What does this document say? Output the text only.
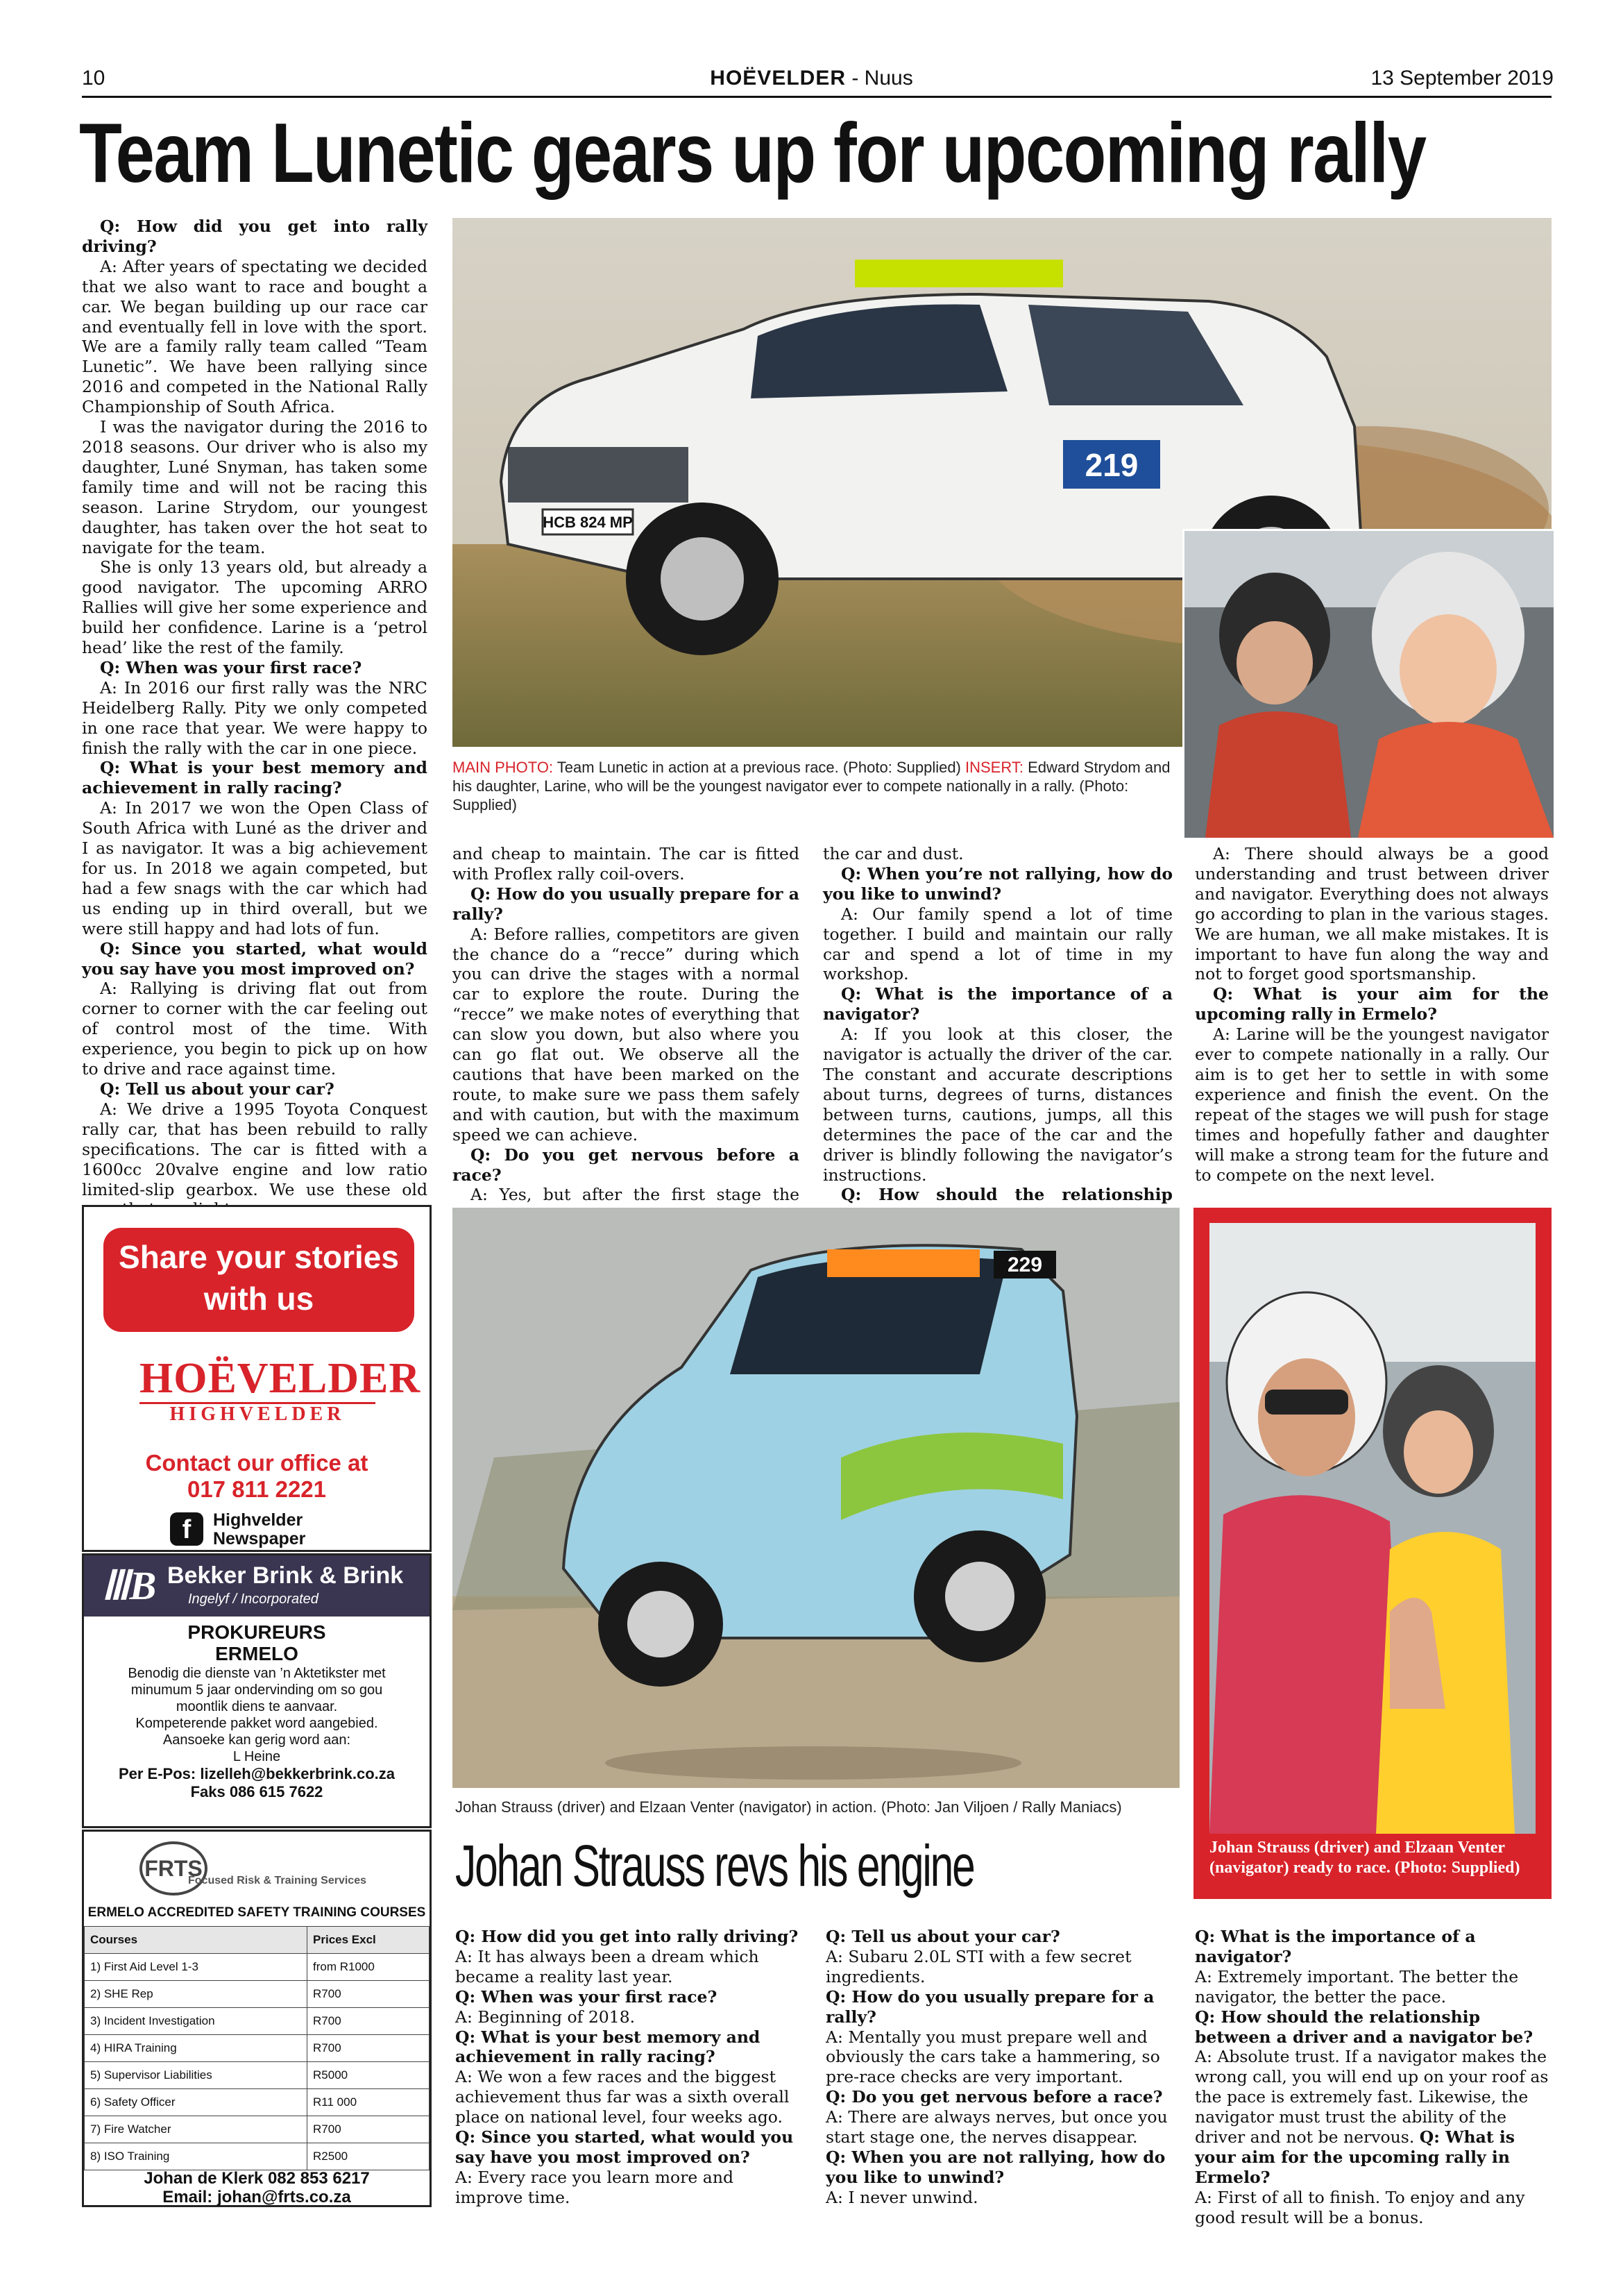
10	HOËVELDER - Nuus	13 September 2019
Team Lunetic gears up for upcoming rally

Q: How did you get into rally driving?

A: After years of spectating we decided that we also want to race and bought a car. We began building up our race car and eventually fell in love with the sport. We are a family rally team called “Team Lunetic”. We have been rallying since 2016 and competed in the National Rally Championship of South Africa.

I was the navigator during the 2016 to 2018 seasons. Our driver who is also my daughter, Luné Snyman, has taken some family time and will not be racing this season. Larine Strydom, our youngest daughter, has taken over the hot seat to navigate for the team.

She is only 13 years old, but already a good navigator. The upcoming ARRO Rallies will give her some experience and build her confidence. Larine is a ‘petrol head’ like the rest of the family.

Q: When was your first race?

A: In 2016 our first rally was the NRC Heidelberg Rally. Pity we only competed in one race that year. We were happy to finish the rally with the car in one piece.

Q: What is your best memory and achievement in rally racing?

A: In 2017 we won the Open Class of South Africa with Luné as the driver and I as navigator. It was a big achievement for us. In 2018 we again competed, but had a few snags with the car which had us ending up in third overall, but we were still happy and had lots of fun.

Q: Since you started, what would you say have you most improved on?

A: Rallying is driving flat out from corner to corner with the car feeling out of control most of the time. With experience, you begin to pick up on how to drive and race against time.

Q: Tell us about your car?

A: We drive a 1995 Toyota Conquest rally car, that has been rebuild to rally specifications. The car is fitted with a 1600cc 20valve engine and low ratio limited-slip gearbox. We use these old

HCB 824 MP
219
MAIN PHOTO: Team Lunetic in action at a previous race. (Photo: Supplied) INSERT: Edward Strydom and his daughter, Larine, who will be the youngest navigator ever to compete nationally in a rally. (Photo: Supplied)

and cheap to maintain. The car is fitted with Proflex rally coil-overs.

Q: How do you usually prepare for a rally?

A: Before rallies, competitors are given the chance do a “recce” during which you can drive the stages with a normal car to explore the route. During the “recce” we make notes of everything that can slow you down, but also where you can go flat out. We observe all the cautions that have been marked on the route, to make sure we pass them safely and with caution, but with the maximum speed we can achieve.

Q: Do you get nervous before a race?

A: Yes, but after the first stage the

the car and dust.

Q: When you’re not rallying, how do you like to unwind?

A: Our family spend a lot of time together. I build and maintain our rally car and spend a lot of time in my workshop.

Q: What is the importance of a navigator?

A: If you look at this closer, the navigator is actually the driver of the car. The constant and accurate descriptions about turns, degrees of turns, distances between turns, cautions, jumps, all this determines the pace of the car and the driver is blindly following the navigator’s instructions.

Q: How should the relationship

A: There should always be a good understanding and trust between driver and navigator. Everything does not always go according to plan in the various stages. We are human, we all make mistakes. It is important to have fun along the way and not to forget good sportsmanship.

Q: What is your aim for the upcoming rally in Ermelo?

A: Larine will be the youngest navigator ever to compete nationally in a rally. Our aim is to get her to settle in with some experience and finish the event. On the repeat of the stages we will push for stage times and hopefully father and daughter will make a strong team for the future and to compete on the next level.

Share your stories with us
HOËVELDER
HIGHVELDER
Contact our office at
017 811 2221
f	Highvelder
Newspaper
ⅢB Bekker Brink & Brink
Ingelyf / Incorporated
PROKUREURS
ERMELO
Benodig die dienste van ’n Aktetikster met
minumum 5 jaar ondervinding om so gou
moontlik diens te aanvaar.
Kompeterende pakket word aangebied.
Aansoeke kan gerig word aan:
L Heine
Per E-Pos: lizelleh@bekkerbrink.co.za
Faks 086 615 7622
FRTS
Focused Risk & Training Services
ERMELO ACCREDITED SAFETY TRAINING COURSES
Courses	Prices Excl
1) First Aid Level 1-3	from R1000
2) SHE Rep	R700
3) Incident Investigation	R700
4) HIRA Training	R700
5) Supervisor Liabilities	R5000
6) Safety Officer	R11 000
7) Fire Watcher	R700
8) ISO Training	R2500
Johan de Klerk 082 853 6217
Email: johan@frts.co.za
229
Johan Strauss (driver) and Elzaan Venter (navigator) in action. (Photo: Jan Viljoen / Rally Maniacs)
Johan Strauss (driver) and Elzaan Venter (navigator) ready to race. (Photo: Supplied)
Johan Strauss revs his engine

Q: How did you get into rally driving?

A: It has always been a dream which became a reality last year.

Q: When was your first race?

A: Beginning of 2018.

Q: What is your best memory and achievement in rally racing?

A: We won a few races and the biggest achievement thus far was a sixth overall place on national level, four weeks ago.

Q: Since you started, what would you say have you most improved on?

A: Every race you learn more and improve time.

Q: Tell us about your car?

A: Subaru 2.0L STI with a few secret ingredients.

Q: How do you usually prepare for a rally?

A: Mentally you must prepare well and obviously the cars take a hammering, so pre-race checks are very important.

Q: Do you get nervous before a race?

A: There are always nerves, but once you start stage one, the nerves disappear.

Q: When you are not rallying, how do you like to unwind?

A: I never unwind.

Q: What is the importance of a navigator?

A: Extremely important. The better the navigator, the better the pace.

Q: How should the relationship between a driver and a navigator be?

A: Absolute trust. If a navigator makes the wrong call, you will end up on your roof as the pace is extremely fast. Likewise, the navigator must trust the ability of the driver and not be nervous. Q: What is your aim for the upcoming rally in Ermelo?

A: First of all to finish. To enjoy and any good result will be a bonus.
